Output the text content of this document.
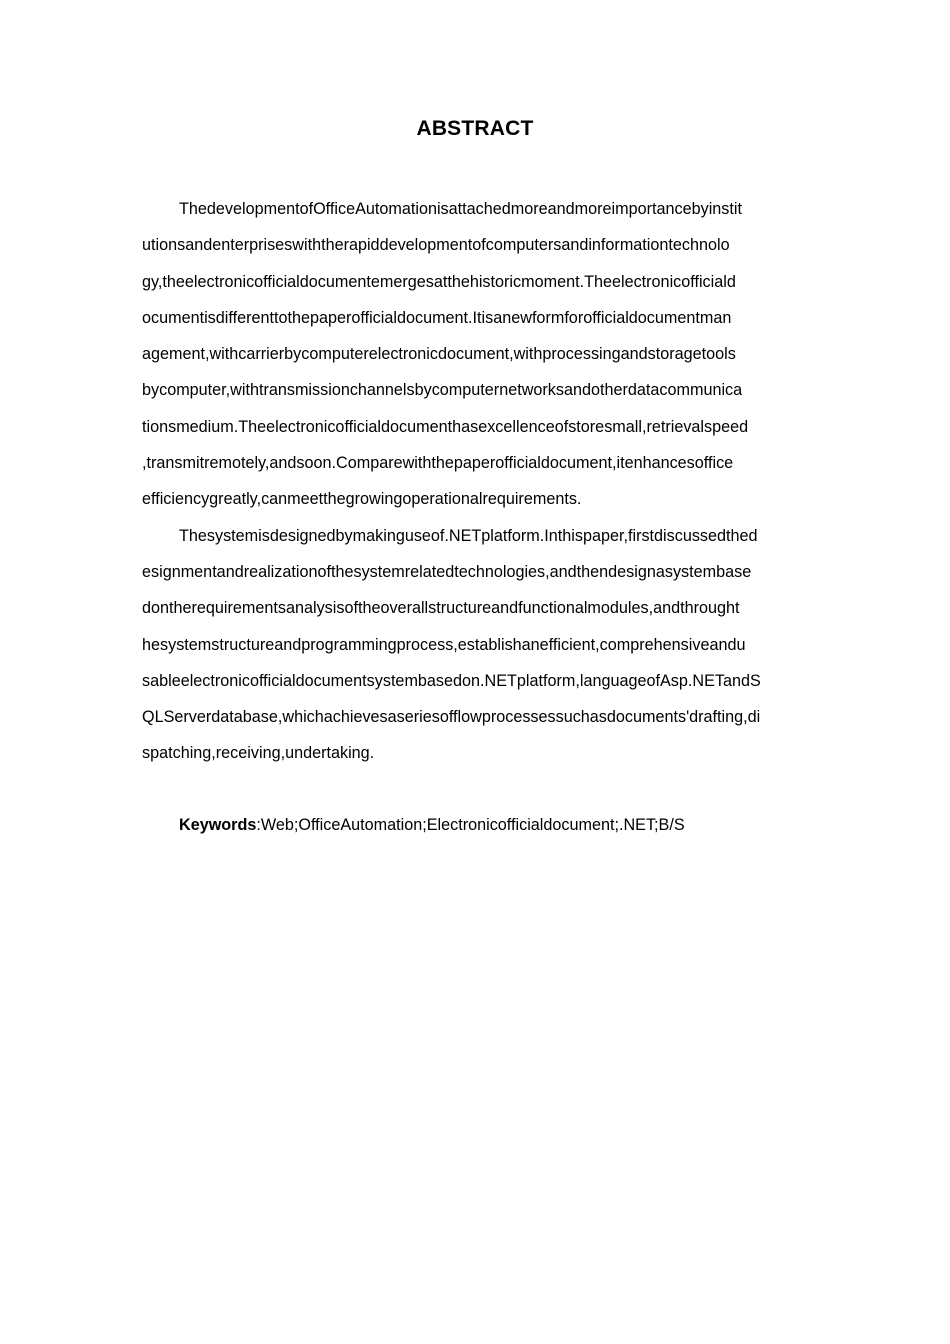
ABSTRACT
ThedevelopmentofOfficeAutomationisattachedmoreandmoreimportancebyinstit
utionsandenterpriseswiththerapiddevelopmentofcomputersandinformationtechnolo
gy,theelectronicofficialdocumentemergesatthehistoricmoment.Theelectronicofficiald
ocumentisdifferenttothepaperofficialdocument.Itisanewformforofficialdocumentman
agement,withcarrierbycomputerelectronicdocument,withprocessingandstoragetools
bycomputer,withtransmissionchannelsbycomputernetworksandotherdatacommunica
tionsmedium.Theelectronicofficialdocumenthasexcellenceofstoresmall,retrievalspeed
,transmitremotely,andsoon.Comparewiththepaperofficialdocument,itenhancesoffice
efficiencygreatly,canmeetthegrowingoperationalrequirements.
Thesystemisdesignedbymakinguseof.NETplatform.Inthispaper,firstdiscussedthed
esignmentandrealizationofthesystemrelatedtechnologies,andthendesignasystembase
dontherequirementsanalysisoftheoverallstructureandfunctionalmodules,andthrought
hesystemstructureandprogrammingprocess,establishanefficient,comprehensiveandu
sableelectronicofficialdocumentsystembasedon.NETplatform,languageofAsp.NETandS
QLServerdatabase,whichachievesaseriesofflowprocessessuchasdocuments'drafting,di
spatching,receiving,undertaking.
Keywords:Web;OfficeAutomation;Electronicofficialdocument;.NET;B/S
